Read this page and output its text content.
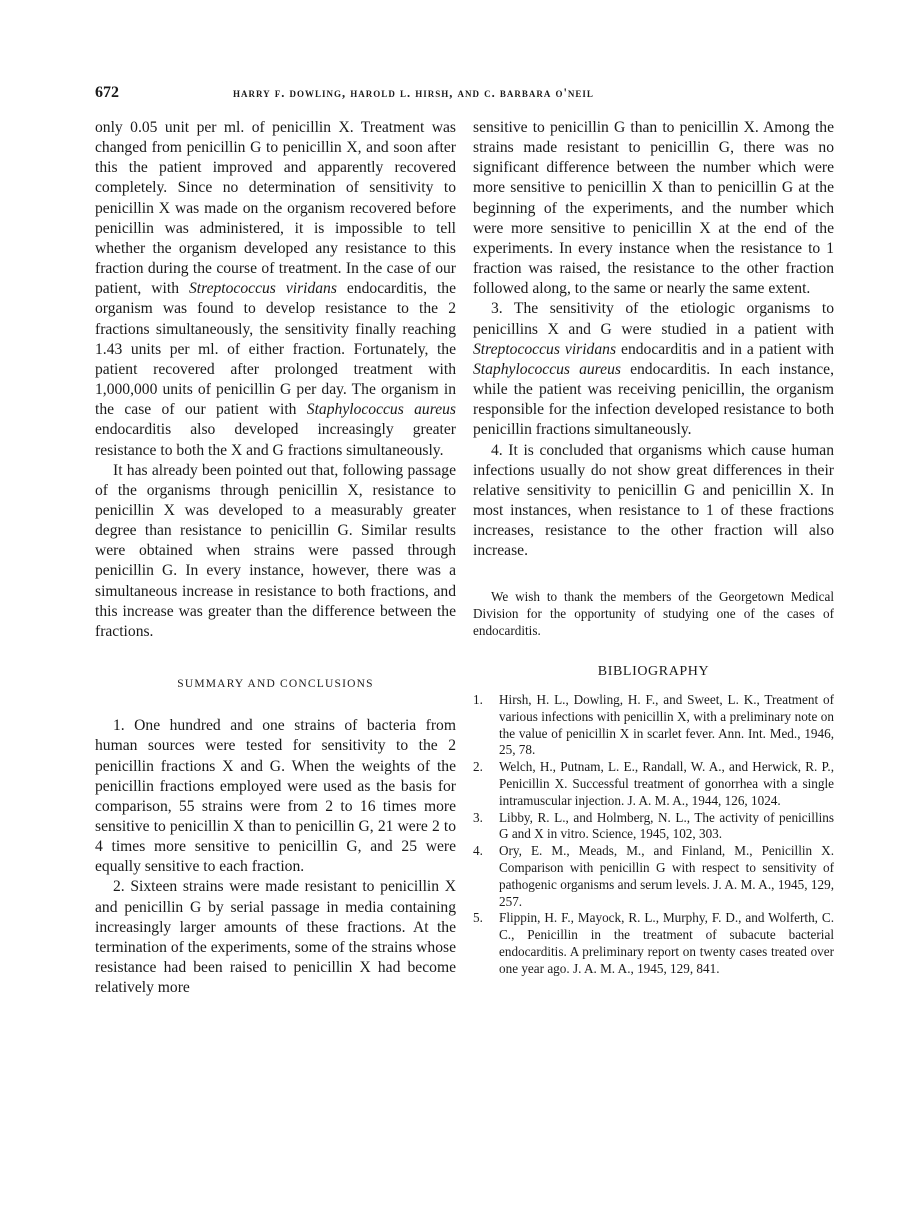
672	harry f. dowling, harold l. hirsh, and c. barbara o'neil

only 0.05 unit per ml. of penicillin X. Treatment was changed from penicillin G to penicillin X, and soon after this the patient improved and apparently recovered completely. Since no determination of sensitivity to penicillin X was made on the organism recovered before penicillin was administered, it is impossible to tell whether the organism developed any resistance to this fraction during the course of treatment. In the case of our patient, with Streptococcus viridans endocarditis, the organism was found to develop resistance to the 2 fractions simultaneously, the sensitivity finally reaching 1.43 units per ml. of either fraction. Fortunately, the patient recovered after prolonged treatment with 1,000,000 units of penicillin G per day. The organism in the case of our patient with Staphylococcus aureus endocarditis also developed increasingly greater resistance to both the X and G fractions simultaneously.

It has already been pointed out that, following passage of the organisms through penicillin X, resistance to penicillin X was developed to a measurably greater degree than resistance to penicillin G. Similar results were obtained when strains were passed through penicillin G. In every instance, however, there was a simultaneous increase in resistance to both fractions, and this increase was greater than the difference between the fractions.

SUMMARY AND CONCLUSIONS

1. One hundred and one strains of bacteria from human sources were tested for sensitivity to the 2 penicillin fractions X and G. When the weights of the penicillin fractions employed were used as the basis for comparison, 55 strains were from 2 to 16 times more sensitive to penicillin X than to penicillin G, 21 were 2 to 4 times more sensitive to penicillin G, and 25 were equally sensitive to each fraction.

2. Sixteen strains were made resistant to penicillin X and penicillin G by serial passage in media containing increasingly larger amounts of these fractions. At the termination of the experiments, some of the strains whose resistance had been raised to penicillin X had become relatively more

sensitive to penicillin G than to penicillin X. Among the strains made resistant to penicillin G, there was no significant difference between the number which were more sensitive to penicillin X than to penicillin G at the beginning of the experiments, and the number which were more sensitive to penicillin X at the end of the experiments. In every instance when the resistance to 1 fraction was raised, the resistance to the other fraction followed along, to the same or nearly the same extent.

3. The sensitivity of the etiologic organisms to penicillins X and G were studied in a patient with Streptococcus viridans endocarditis and in a patient with Staphylococcus aureus endocarditis. In each instance, while the patient was receiving penicillin, the organism responsible for the infection developed resistance to both penicillin fractions simultaneously.

4. It is concluded that organisms which cause human infections usually do not show great differences in their relative sensitivity to penicillin G and penicillin X. In most instances, when resistance to 1 of these fractions increases, resistance to the other fraction will also increase.

We wish to thank the members of the Georgetown Medical Division for the opportunity of studying one of the cases of endocarditis.

BIBLIOGRAPHY
1. Hirsh, H. L., Dowling, H. F., and Sweet, L. K., Treatment of various infections with penicillin X, with a preliminary note on the value of penicillin X in scarlet fever. Ann. Int. Med., 1946, 25, 78.
2. Welch, H., Putnam, L. E., Randall, W. A., and Herwick, R. P., Penicillin X. Successful treatment of gonorrhea with a single intramuscular injection. J. A. M. A., 1944, 126, 1024.
3. Libby, R. L., and Holmberg, N. L., The activity of penicillins G and X in vitro. Science, 1945, 102, 303.
4. Ory, E. M., Meads, M., and Finland, M., Penicillin X. Comparison with penicillin G with respect to sensitivity of pathogenic organisms and serum levels. J. A. M. A., 1945, 129, 257.
5. Flippin, H. F., Mayock, R. L., Murphy, F. D., and Wolferth, C. C., Penicillin in the treatment of subacute bacterial endocarditis. A preliminary report on twenty cases treated over one year ago. J. A. M. A., 1945, 129, 841.
